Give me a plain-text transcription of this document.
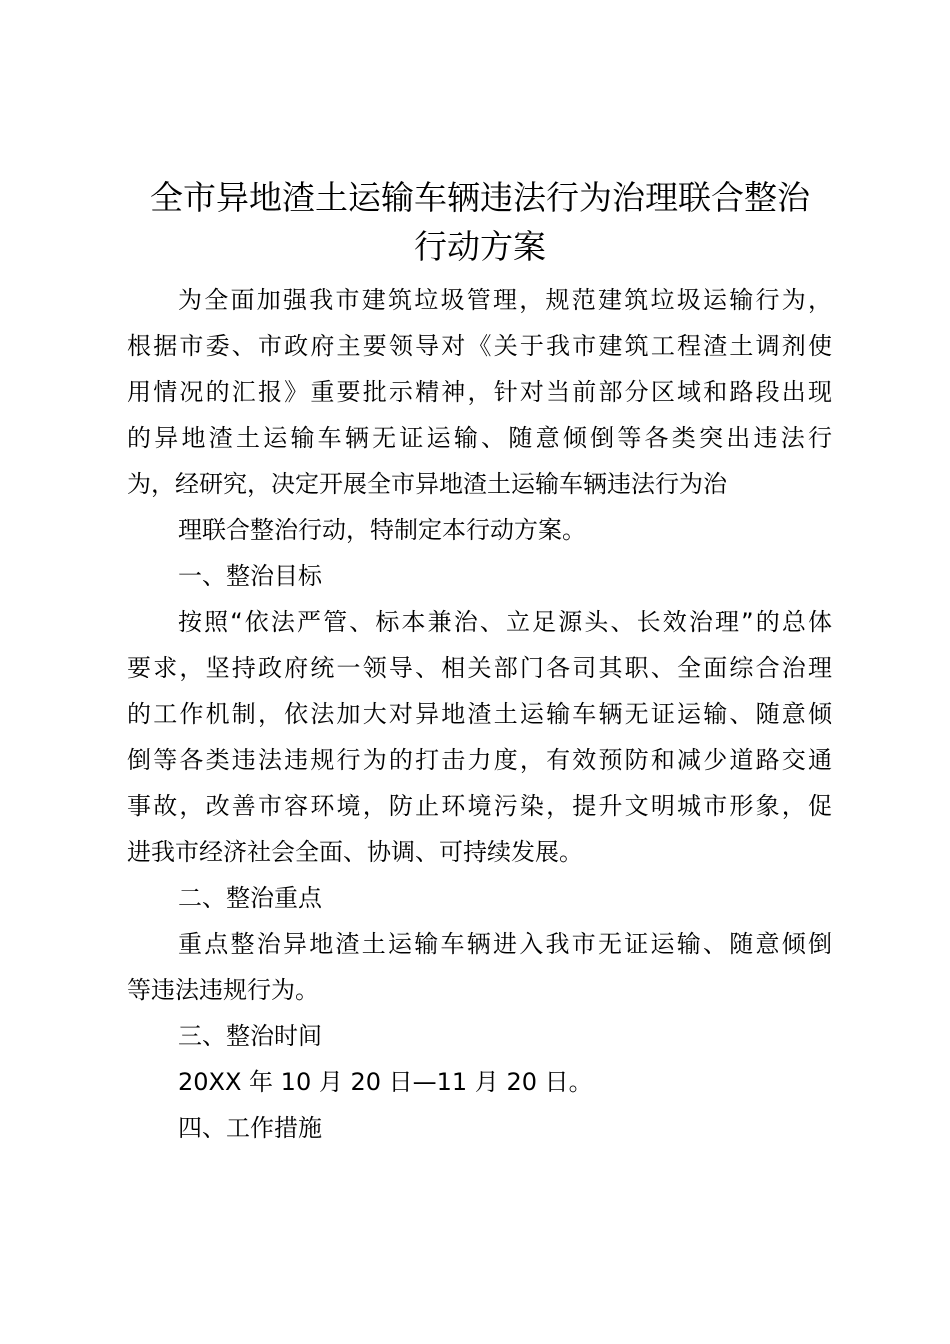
全市异地渣土运输车辆违法行为治理联合整治
行动方案
为全面加强我市建筑垃圾管理，规范建筑垃圾运输行为，
根据市委、市政府主要领导对《关于我市建筑工程渣土调剂使
用情况的汇报》重要批示精神，针对当前部分区域和路段出现
的异地渣土运输车辆无证运输、随意倾倒等各类突出违法行
为，经研究，决定开展全市异地渣土运输车辆违法行为治
理联合整治行动，特制定本行动方案。
一、整治目标
按照“依法严管、标本兼治、立足源头、长效治理”的总体
要求，坚持政府统一领导、相关部门各司其职、全面综合治理
的工作机制，依法加大对异地渣土运输车辆无证运输、随意倾
倒等各类违法违规行为的打击力度，有效预防和减少道路交通
事故，改善市容环境，防止环境污染，提升文明城市形象，促
进我市经济社会全面、协调、可持续发展。
二、整治重点
重点整治异地渣土运输车辆进入我市无证运输、随意倾倒
等违法违规行为。
三、整治时间
20XX 年 10 月 20 日—11 月 20 日。
四、工作措施
